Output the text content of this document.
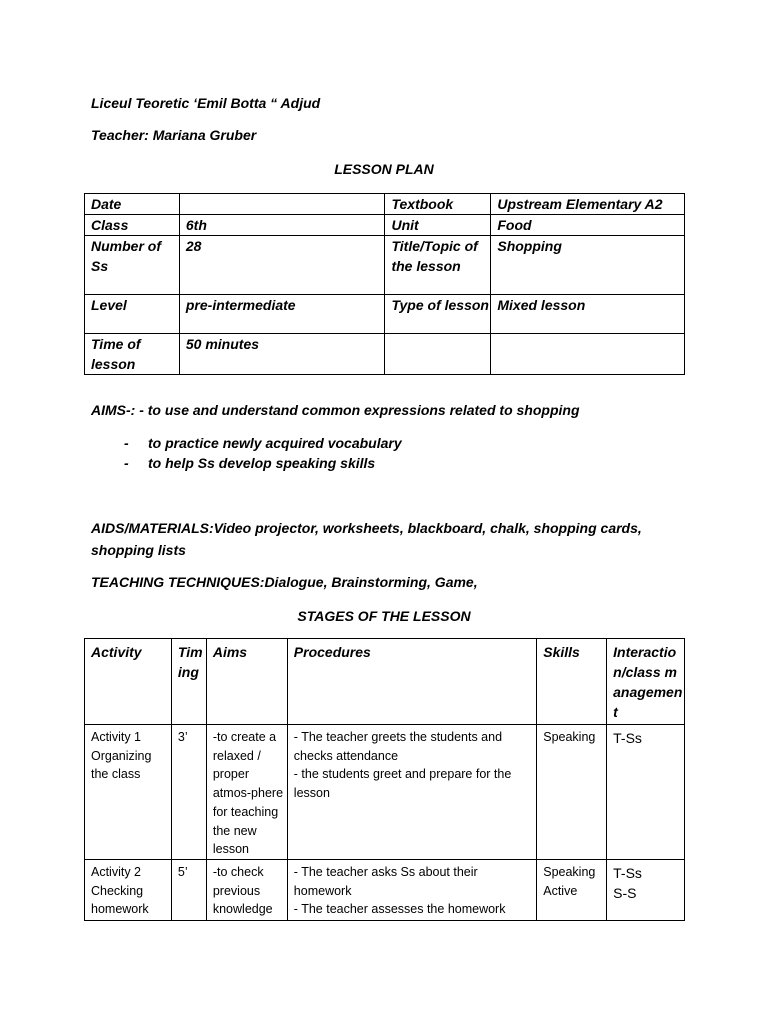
Liceul Teoretic ‘Emil Botta “ Adjud

Teacher: Mariana Gruber

LESSON PLAN

Date		Textbook	Upstream Elementary A2
Class	6th	Unit	Food
Number of Ss	28	Title/Topic of the lesson	Shopping
Level	pre-intermediate	Type of lesson	Mixed lesson
Time of lesson	50 minutes		

AIMS-: - to use and understand common expressions related to shopping

- to practice newly acquired vocabulary
- to help Ss develop speaking skills

AIDS/MATERIALS:Video projector, worksheets, blackboard, chalk, shopping cards, shopping lists

TEACHING TECHNIQUES:Dialogue, Brainstorming, Game,

STAGES OF THE LESSON

Activity	Timing	Aims	Procedures	Skills	Interaction/class management
Activity 1 Organizing the class	3’	-to create a relaxed / proper atmos-phere for teaching the new lesson	- The teacher greets the students and checks attendance
- the students greet and prepare for the lesson	Speaking	T-Ss

Activity 2 Checking homework	5’	-to check previous knowledge	- The teacher asks Ss about their homework
- The teacher assesses the homework	Speaking Active	T-Ss
S-S
